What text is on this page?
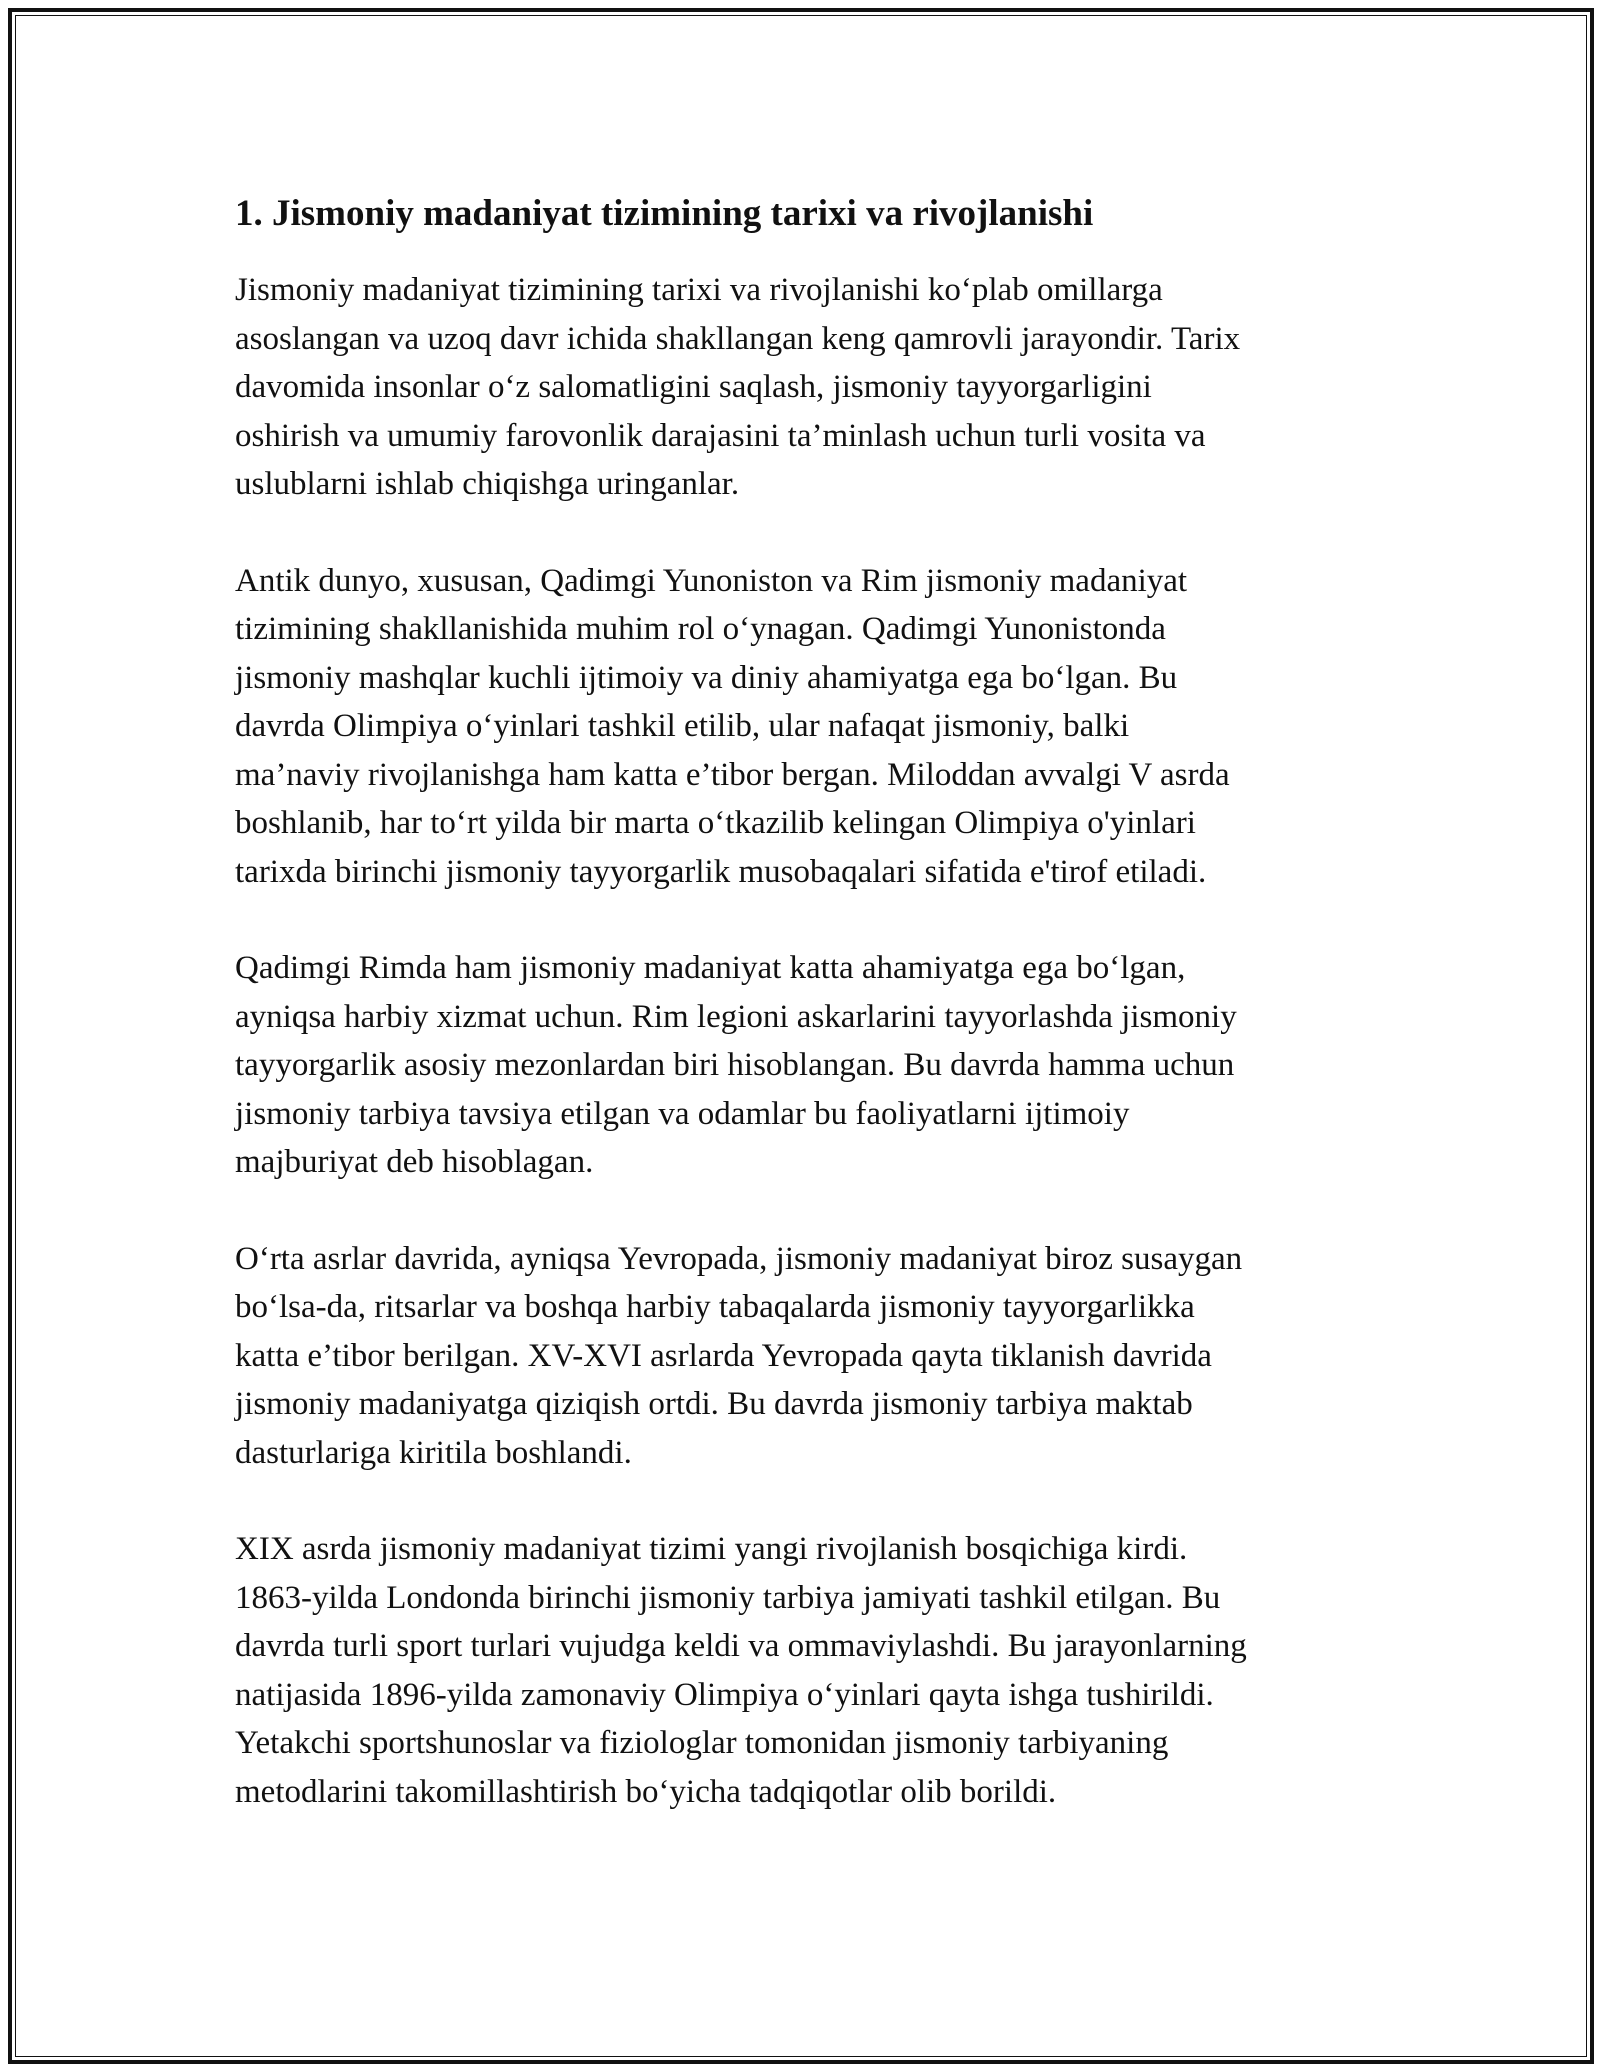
1. Jismoniy madaniyat tizimining tarixi va rivojlanishi

Jismoniy madaniyat tizimining tarixi va rivojlanishi koʻplab omillarga
asoslangan va uzoq davr ichida shakllangan keng qamrovli jarayondir. Tarix
davomida insonlar oʻz salomatligini saqlash, jismoniy tayyorgarligini
oshirish va umumiy farovonlik darajasini ta’minlash uchun turli vosita va
uslublarni ishlab chiqishga uringanlar.

Antik dunyo, xususan, Qadimgi Yunoniston va Rim jismoniy madaniyat
tizimining shakllanishida muhim rol oʻynagan. Qadimgi Yunonistonda
jismoniy mashqlar kuchli ijtimoiy va diniy ahamiyatga ega boʻlgan. Bu
davrda Olimpiya oʻyinlari tashkil etilib, ular nafaqat jismoniy, balki
ma’naviy rivojlanishga ham katta e’tibor bergan. Miloddan avvalgi V asrda
boshlanib, har toʻrt yilda bir marta oʻtkazilib kelingan Olimpiya o'yinlari
tarixda birinchi jismoniy tayyorgarlik musobaqalari sifatida e'tirof etiladi.

Qadimgi Rimda ham jismoniy madaniyat katta ahamiyatga ega boʻlgan,
ayniqsa harbiy xizmat uchun. Rim legioni askarlarini tayyorlashda jismoniy
tayyorgarlik asosiy mezonlardan biri hisoblangan. Bu davrda hamma uchun
jismoniy tarbiya tavsiya etilgan va odamlar bu faoliyatlarni ijtimoiy
majburiyat deb hisoblagan.

Oʻrta asrlar davrida, ayniqsa Yevropada, jismoniy madaniyat biroz susaygan
boʻlsa-da, ritsarlar va boshqa harbiy tabaqalarda jismoniy tayyorgarlikka
katta e’tibor berilgan. XV-XVI asrlarda Yevropada qayta tiklanish davrida
jismoniy madaniyatga qiziqish ortdi. Bu davrda jismoniy tarbiya maktab
dasturlariga kiritila boshlandi.

XIX asrda jismoniy madaniyat tizimi yangi rivojlanish bosqichiga kirdi.
1863-yilda Londonda birinchi jismoniy tarbiya jamiyati tashkil etilgan. Bu
davrda turli sport turlari vujudga keldi va ommaviylashdi. Bu jarayonlarning
natijasida 1896-yilda zamonaviy Olimpiya oʻyinlari qayta ishga tushirildi.
Yetakchi sportshunoslar va fiziologlar tomonidan jismoniy tarbiyaning
metodlarini takomillashtirish boʻyicha tadqiqotlar olib borildi.
